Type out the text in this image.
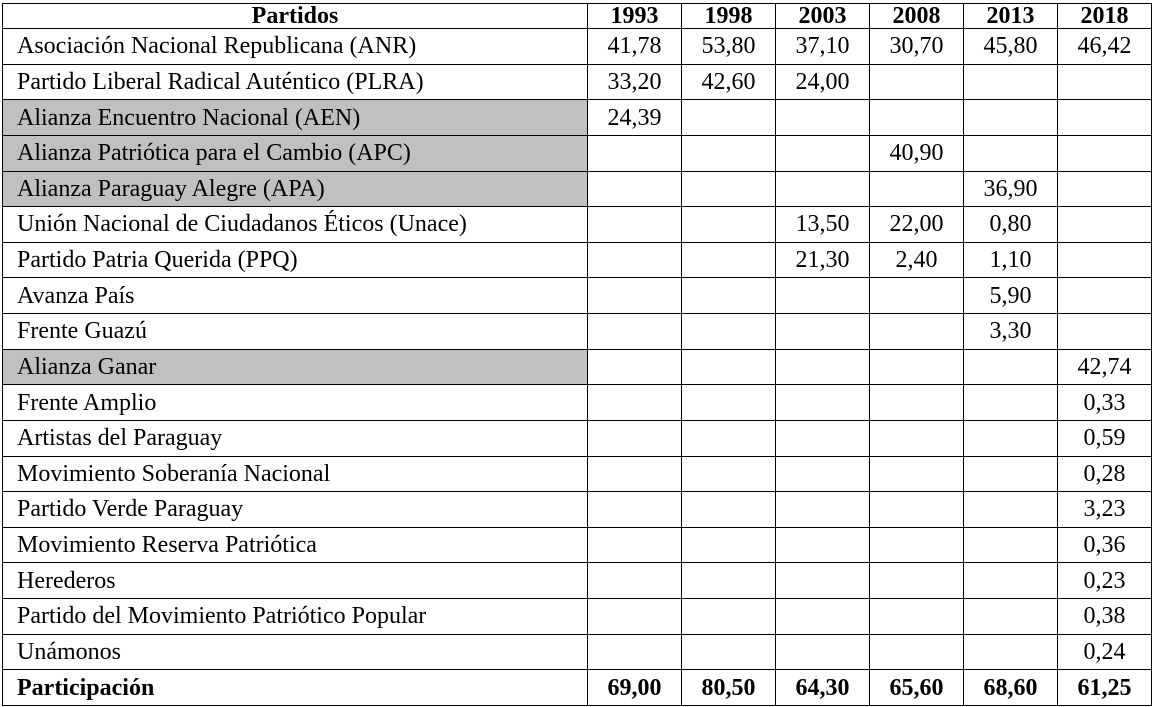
Partidos	1993	1998	2003	2008	2013	2018
Asociación Nacional Republicana (ANR)	41,78	53,80	37,10	30,70	45,80	46,42
Partido Liberal Radical Auténtico (PLRA)	33,20	42,60	24,00			
Alianza Encuentro Nacional (AEN)	24,39					
Alianza Patriótica para el Cambio (APC)				40,90		
Alianza Paraguay Alegre (APA)					36,90	
Unión Nacional de Ciudadanos Éticos (Unace)			13,50	22,00	0,80	
Partido Patria Querida (PPQ)			21,30	2,40	1,10	
Avanza País					5,90	
Frente Guazú					3,30	
Alianza Ganar						42,74
Frente Amplio						0,33
Artistas del Paraguay						0,59
Movimiento Soberanía Nacional						0,28
Partido Verde Paraguay						3,23
Movimiento Reserva Patriótica						0,36
Herederos						0,23
Partido del Movimiento Patriótico Popular						0,38
Unámonos						0,24
Participación	69,00	80,50	64,30	65,60	68,60	61,25
